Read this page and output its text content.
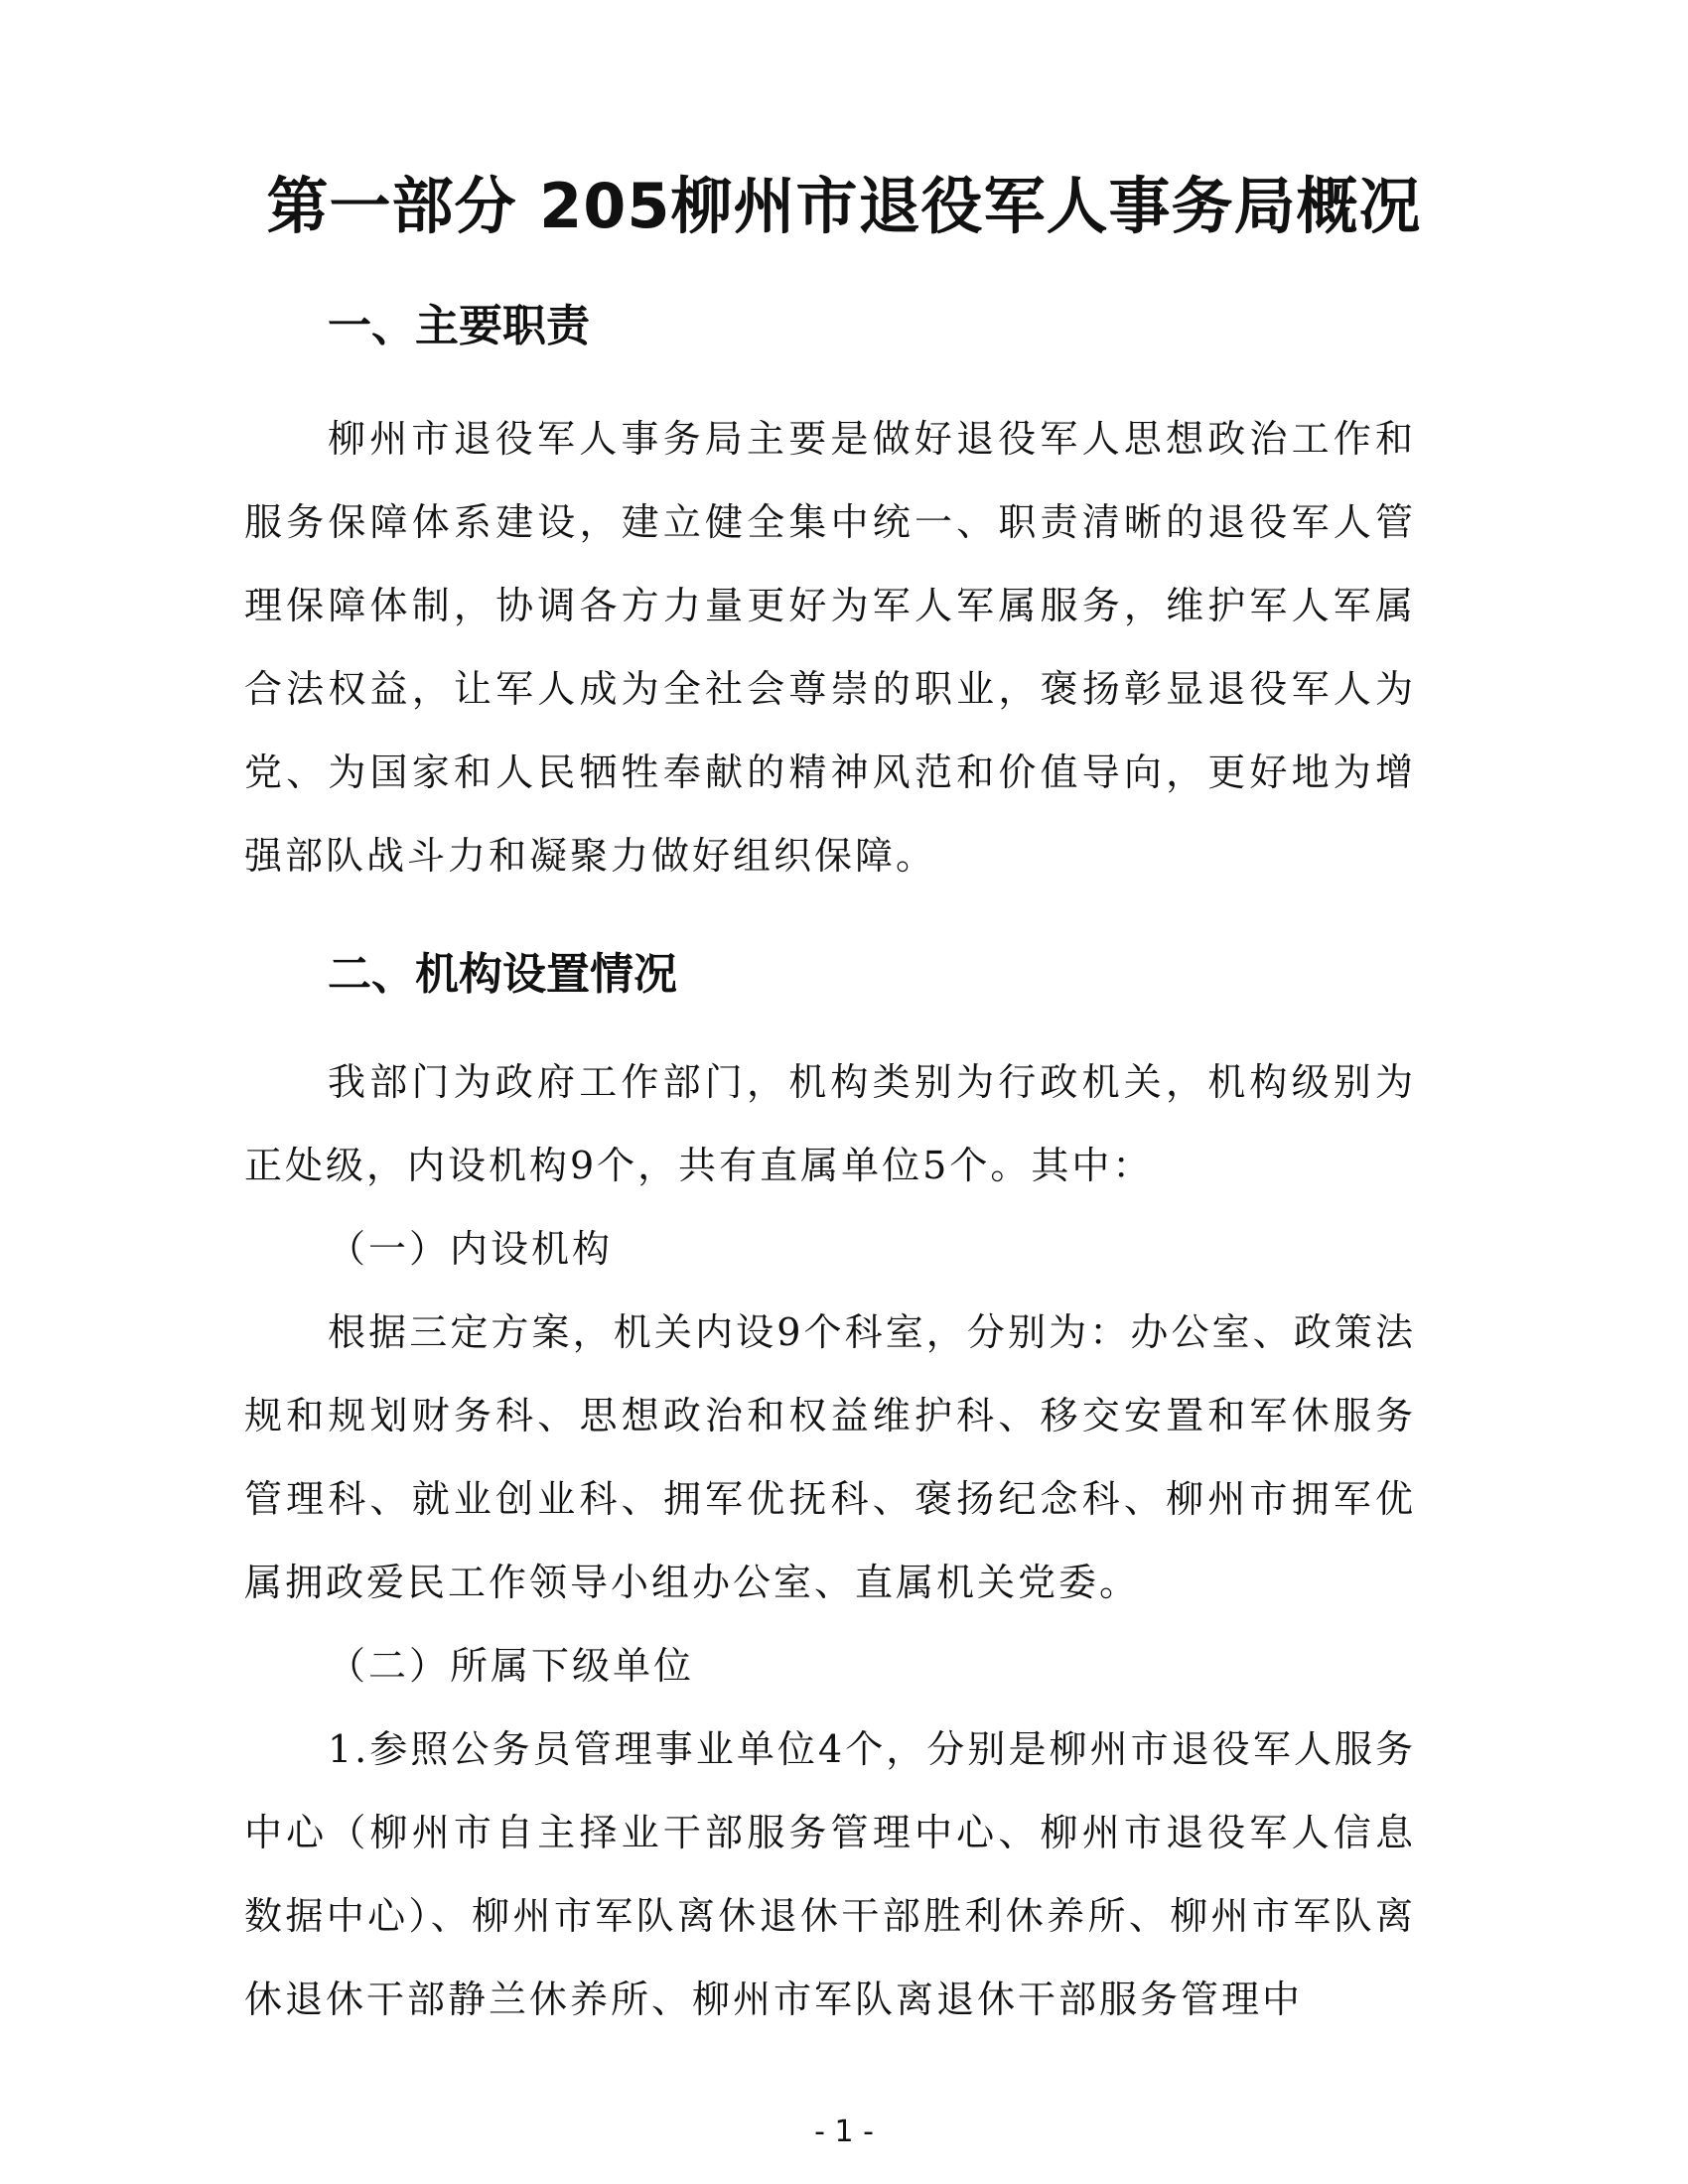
第一部分 205柳州市退役军人事务局概况
一、主要职责
柳州市退役军人事务局主要是做好退役军人思想政治工作和服务保障体系建设，建立健全集中统一、职责清晰的退役军人管理保障体制，协调各方力量更好为军人军属服务，维护军人军属合法权益，让军人成为全社会尊崇的职业，褒扬彰显退役军人为党、为国家和人民牺牲奉献的精神风范和价值导向，更好地为增强部队战斗力和凝聚力做好组织保障。
二、机构设置情况
我部门为政府工作部门，机构类别为行政机关，机构级别为正处级，内设机构9个，共有直属单位5个。其中：
（一）内设机构
根据三定方案，机关内设9个科室，分别为：办公室、政策法规和规划财务科、思想政治和权益维护科、移交安置和军休服务管理科、就业创业科、拥军优抚科、褒扬纪念科、柳州市拥军优属拥政爱民工作领导小组办公室、直属机关党委。
（二）所属下级单位
1.参照公务员管理事业单位4个，分别是柳州市退役军人服务中心（柳州市自主择业干部服务管理中心、柳州市退役军人信息数据中心）、柳州市军队离休退休干部胜利休养所、柳州市军队离休退休干部静兰休养所、柳州市军队离退休干部服务管理中
- 1 -
